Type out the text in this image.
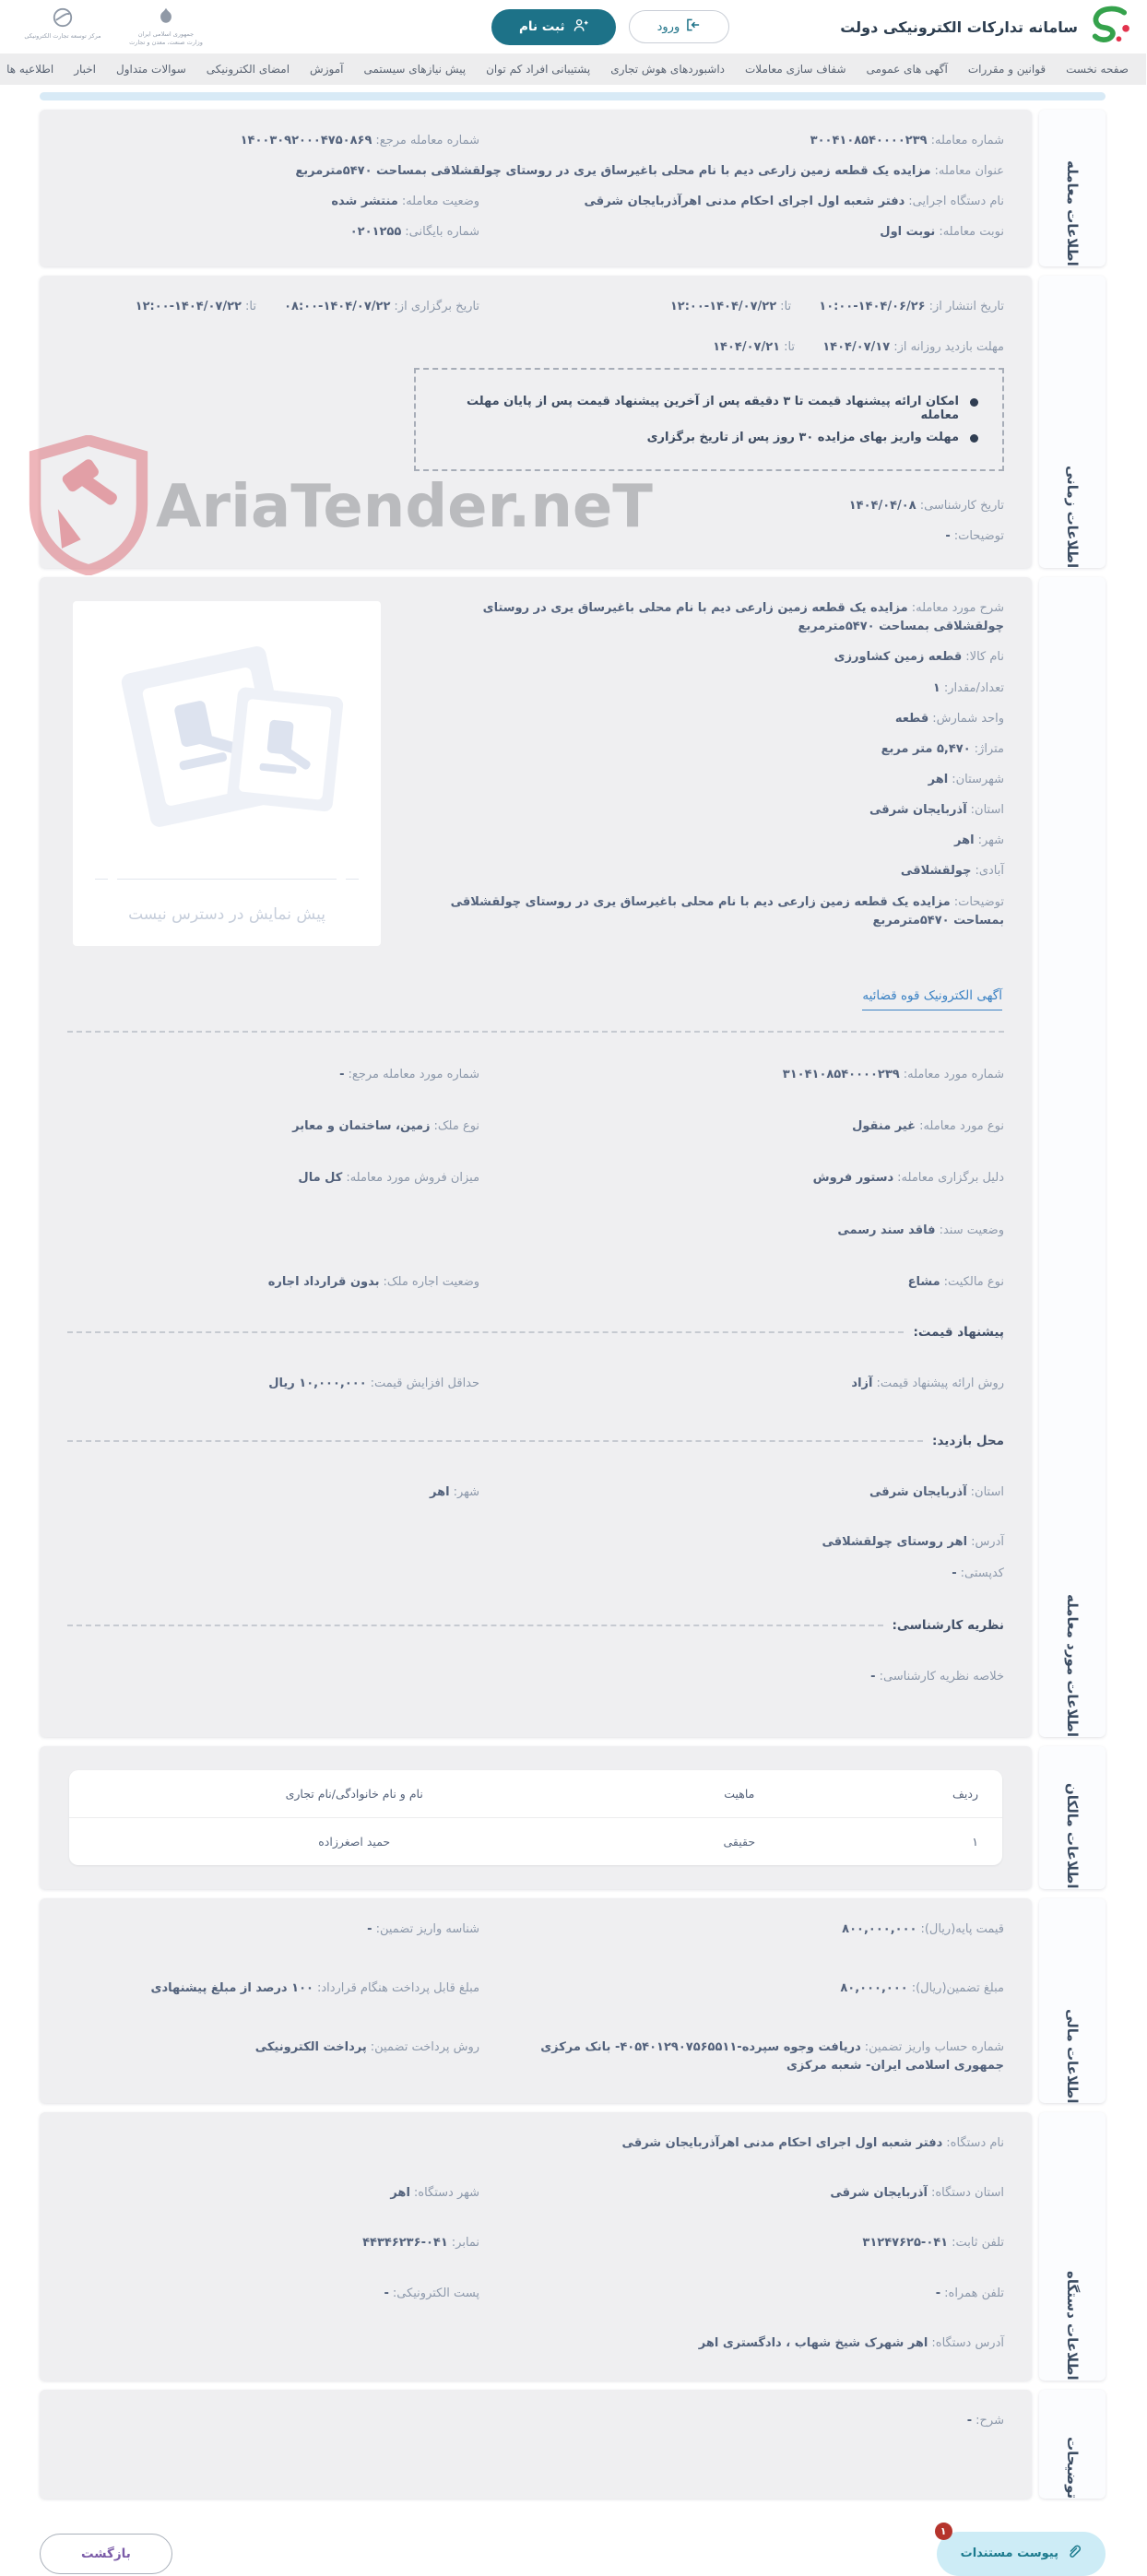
سامانه تدارکات الکترونیکی دولت
ورود
ثبت نام
جمهوری اسلامی ایران
وزارت صنعت، معدن و تجارت
مرکز توسعه تجارت الکترونیکی
صفحه نخست
قوانین و مقررات
آگهی های عمومی
شفاف سازی معاملات
داشبوردهای هوش تجاری
پشتیبانی افراد کم توان
پیش نیازهای سیستمی
آموزش
امضای الکترونیکی
سوالات متداول
اخبار
اطلاعیه ها
اطلاعات معامله
شماره معامله:۳۰۰۴۱۰۸۵۴۰۰۰۰۲۳۹
شماره معامله مرجع:۱۴۰۰۳۰۹۲۰۰۰۴۷۵۰۸۶۹
عنوان معامله:مزایده یک قطعه زمین زارعی دیم با نام محلی باغیرساق یری در روستای چولقشلاقی بمساحت ۵۴۷۰مترمربع
نام دستگاه اجرایی:دفتر شعبه اول اجرای احکام مدنی اهرآذربایجان شرقی
وضعیت معامله:منتشر شده
نوبت معامله:نوبت اول
شماره بایگانی:۰۲۰۱۲۵۵
اطلاعات زمانی
تاریخ انتشار از:۱۴۰۴/۰۶/۲۶-۱۰:۰۰ تا:۱۴۰۴/۰۷/۲۲-۱۲:۰۰
تاریخ برگزاری از:۱۴۰۴/۰۷/۲۲-۰۸:۰۰ تا:۱۴۰۴/۰۷/۲۲-۱۲:۰۰
مهلت بازدید روزانه از:۱۴۰۴/۰۷/۱۷ تا:۱۴۰۴/۰۷/۲۱
امکان ارائه پیشنهاد قیمت تا ۳ دقیقه پس از آخرین پیشنهاد قیمت پس از پایان مهلت معامله
مهلت واریز بهای مزایده ۳۰ روز پس از تاریخ برگزاری
تاریخ کارشناسی:۱۴۰۴/۰۴/۰۸
توضیحات:-
اطلاعات مورد معامله
پیش نمایش در دسترس نیست
شرح مورد معامله:مزایده یک قطعه زمین زارعی دیم با نام محلی باغیرساق یری در روستای چولقشلاقی بمساحت ۵۴۷۰مترمربع
نام کالا:قطعه زمین کشاورزی
تعداد/مقدار:۱
واحد شمارش:قطعه
متراژ:۵,۴۷۰ متر مربع
شهرستان:اهر
استان:آذربایجان شرقی
شهر:اهر
آبادی:چولقشلاقی
توضیحات:مزایده یک قطعه زمین زارعی دیم با نام محلی باغیرساق یری در روستای چولقشلاقی بمساحت ۵۴۷۰مترمربع
آگهی الکترونیک قوه قضائیه
شماره مورد معامله:۳۱۰۴۱۰۸۵۴۰۰۰۰۲۳۹
شماره مورد معامله مرجع:-
نوع مورد معامله:غیر منقول
نوع ملک:زمین، ساختمان و معابر
دلیل برگزاری معامله:دستور فروش
میزان فروش مورد معامله:کل مال
وضعیت سند:فاقد سند رسمی
نوع مالکیت:مشاع
وضعیت اجاره ملک:بدون قرارداد اجاره
پیشنهاد قیمت:
روش ارائه پیشنهاد قیمت:آزاد
حداقل افزایش قیمت:۱۰,۰۰۰,۰۰۰ ریال
محل بازدید:
استان:آذربایجان شرقی
شهر:اهر
آدرس:اهر روستای چولقشلاقی
کدپستی:-
نظریه کارشناسی:
خلاصه نظریه کارشناسی:-
اطلاعات مالکان
ردیف
ماهیت
نام و نام خانوادگی/نام تجاری
۱
حقیقی
حمید اصغرزاده
اطلاعات مالی
قیمت پایه(ریال):۸۰۰,۰۰۰,۰۰۰
شناسه واریز تضمین:-
مبلغ تضمین(ریال):۸۰,۰۰۰,۰۰۰
مبلغ قابل پرداخت هنگام قرارداد:۱۰۰ درصد از مبلغ پیشنهادی
شماره حساب واریز تضمین:دریافت وجوه سپرده-۴۰۵۴۰۱۲۹۰۷۵۶۵۵۱۱- بانک مرکزی جمهوری اسلامی ایران- شعبه مرکزی
روش پرداخت تضمین:پرداخت الکترونیکی
اطلاعات دستگاه
نام دستگاه:دفتر شعبه اول اجرای احکام مدنی اهرآذربایجان شرقی
استان دستگاه:آذربایجان شرقی
شهر دستگاه:اهر
تلفن ثابت:۰۴۱-۳۱۲۴۷۶۲۵
نمابر:۰۴۱-۴۴۳۴۶۲۳۶
تلفن همراه:-
پست الکترونیکی:-
آدرس دستگاه:اهر شهرک شیخ شهاب ، دادگستری اهر
توضیحات
شرح:-
۱
پیوست مستندات
بازگشت
AriaTender.neT
